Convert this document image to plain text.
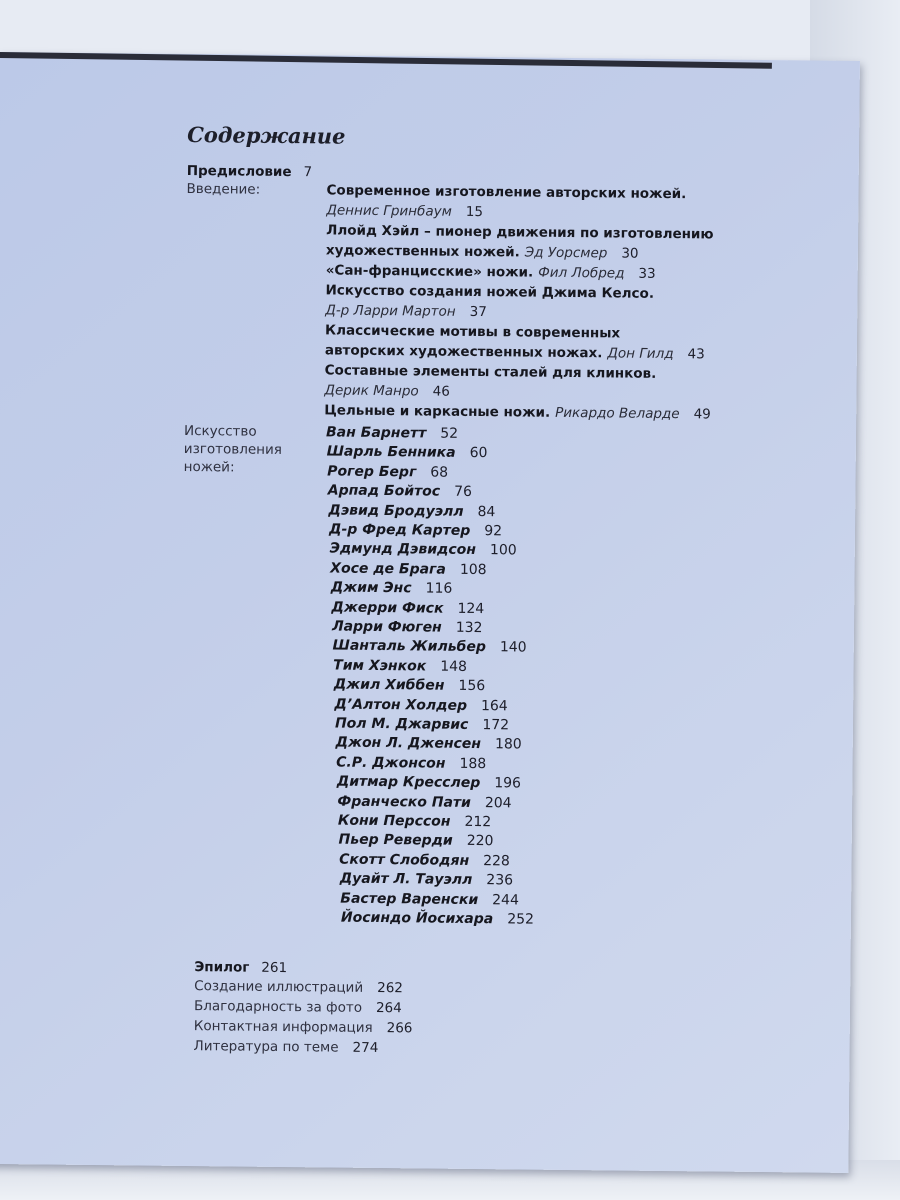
Содержание
Предисловие 7
Введение:	Современное изготовление авторских ножей.
Деннис Гринбаум 15
Ллойд Хэйл – пионер движения по изготовлению
художественных ножей. Эд Уорсмер 30
«Сан-францисские» ножи. Фил Лобред 33
Искусство создания ножей Джима Келсо.
Д-р Ларри Мартон 37
Классические мотивы в современных
авторских художественных ножах. Дон Гилд 43
Составные элементы сталей для клинков.
Дерик Манро 46
Цельные и каркасные ножи. Рикардо Веларде 49
Искусство
изготовления
ножей:
Ван Барнетт 52
Шарль Бенника 60
Рогер Берг 68
Арпад Бойтос 76
Дэвид Бродуэлл 84
Д-р Фред Картер 92
Эдмунд Дэвидсон 100
Хосе де Брага 108
Джим Энс 116
Джерри Фиск 124
Ларри Фюген 132
Шанталь Жильбер 140
Тим Хэнкок 148
Джил Хиббен 156
Д’Алтон Холдер 164
Пол М. Джарвис 172
Джон Л. Дженсен 180
С.Р. Джонсон 188
Дитмар Кресслер 196
Франческо Пати 204
Кони Перссон 212
Пьер Реверди 220
Скотт Слободян 228
Дуайт Л. Тауэлл 236
Бастер Варенски 244
Йосиндо Йосихара 252
Эпилог 261
Создание иллюстраций 262
Благодарность за фото 264
Контактная информация 266
Литература по теме 274
